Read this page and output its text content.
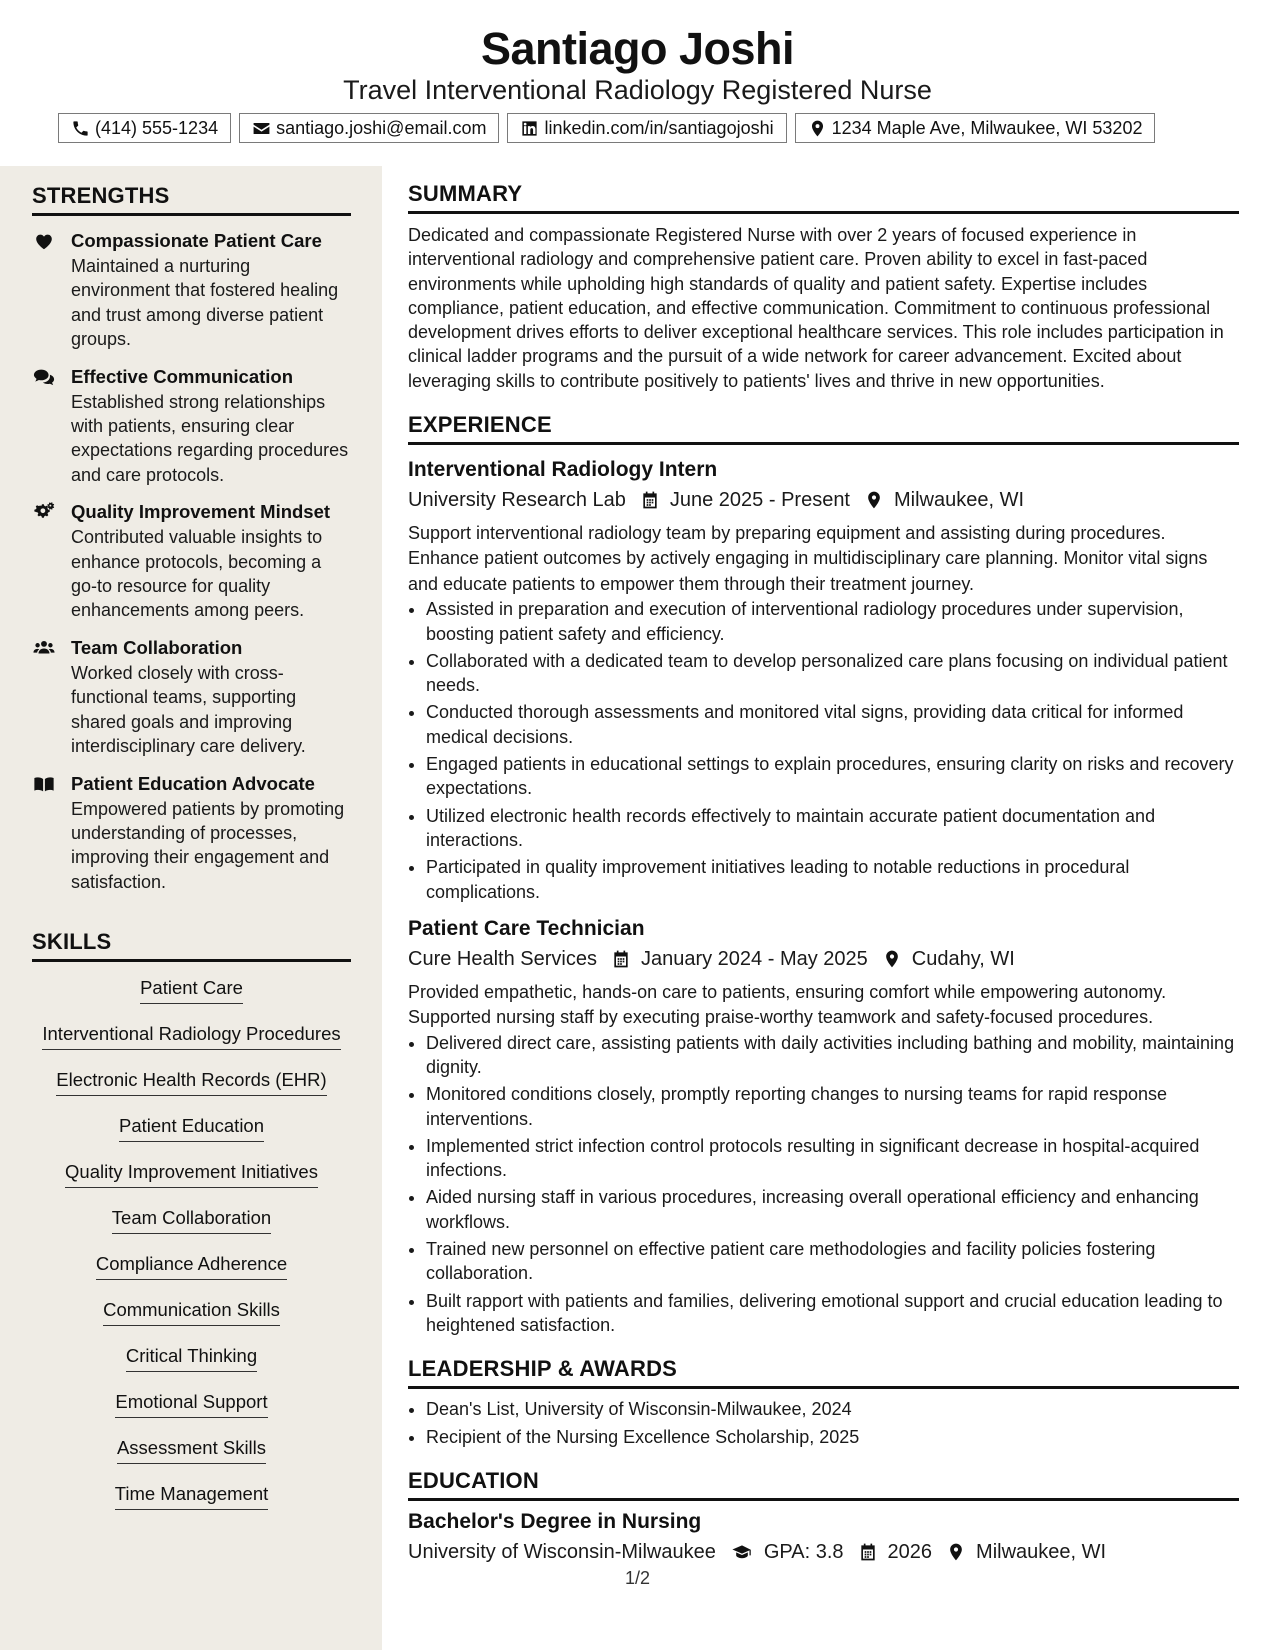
Santiago Joshi
Travel Interventional Radiology Registered Nurse
(414) 555-1234	santiago.joshi@email.com	linkedin.com/in/santiagojoshi	1234 Maple Ave, Milwaukee, WI 53202
STRENGTHS
Compassionate Patient Care
Maintained a nurturing environment that fostered healing and trust among diverse patient groups.
Effective Communication
Established strong relationships with patients, ensuring clear expectations regarding procedures and care protocols.
Quality Improvement Mindset
Contributed valuable insights to enhance protocols, becoming a go-to resource for quality enhancements among peers.
Team Collaboration
Worked closely with cross-functional teams, supporting shared goals and improving interdisciplinary care delivery.
Patient Education Advocate
Empowered patients by promoting understanding of processes, improving their engagement and satisfaction.
SKILLS
Patient Care
Interventional Radiology Procedures
Electronic Health Records (EHR)
Patient Education
Quality Improvement Initiatives
Team Collaboration
Compliance Adherence
Communication Skills
Critical Thinking
Emotional Support
Assessment Skills
Time Management
SUMMARY
Dedicated and compassionate Registered Nurse with over 2 years of focused experience in interventional radiology and comprehensive patient care. Proven ability to excel in fast-paced environments while upholding high standards of quality and patient safety. Expertise includes compliance, patient education, and effective communication. Commitment to continuous professional development drives efforts to deliver exceptional healthcare services. This role includes participation in clinical ladder programs and the pursuit of a wide network for career advancement. Excited about leveraging skills to contribute positively to patients' lives and thrive in new opportunities.
EXPERIENCE
Interventional Radiology Intern
University Research Lab June 2025 - Present Milwaukee, WI
Support interventional radiology team by preparing equipment and assisting during procedures. Enhance patient outcomes by actively engaging in multidisciplinary care planning. Monitor vital signs and educate patients to empower them through their treatment journey.
• Assisted in preparation and execution of interventional radiology procedures under supervision, boosting patient safety and efficiency.
• Collaborated with a dedicated team to develop personalized care plans focusing on individual patient needs.
• Conducted thorough assessments and monitored vital signs, providing data critical for informed medical decisions.
• Engaged patients in educational settings to explain procedures, ensuring clarity on risks and recovery expectations.
• Utilized electronic health records effectively to maintain accurate patient documentation and interactions.
• Participated in quality improvement initiatives leading to notable reductions in procedural complications.
Patient Care Technician
Cure Health Services January 2024 - May 2025 Cudahy, WI
Provided empathetic, hands-on care to patients, ensuring comfort while empowering autonomy. Supported nursing staff by executing praise-worthy teamwork and safety-focused procedures.
• Delivered direct care, assisting patients with daily activities including bathing and mobility, maintaining dignity.
• Monitored conditions closely, promptly reporting changes to nursing teams for rapid response interventions.
• Implemented strict infection control protocols resulting in significant decrease in hospital-acquired infections.
• Aided nursing staff in various procedures, increasing overall operational efficiency and enhancing workflows.
• Trained new personnel on effective patient care methodologies and facility policies fostering collaboration.
• Built rapport with patients and families, delivering emotional support and crucial education leading to heightened satisfaction.
LEADERSHIP & AWARDS
• Dean's List, University of Wisconsin-Milwaukee, 2024
• Recipient of the Nursing Excellence Scholarship, 2025
EDUCATION
Bachelor's Degree in Nursing
University of Wisconsin-Milwaukee GPA: 3.8 2026 Milwaukee, WI
1/2
